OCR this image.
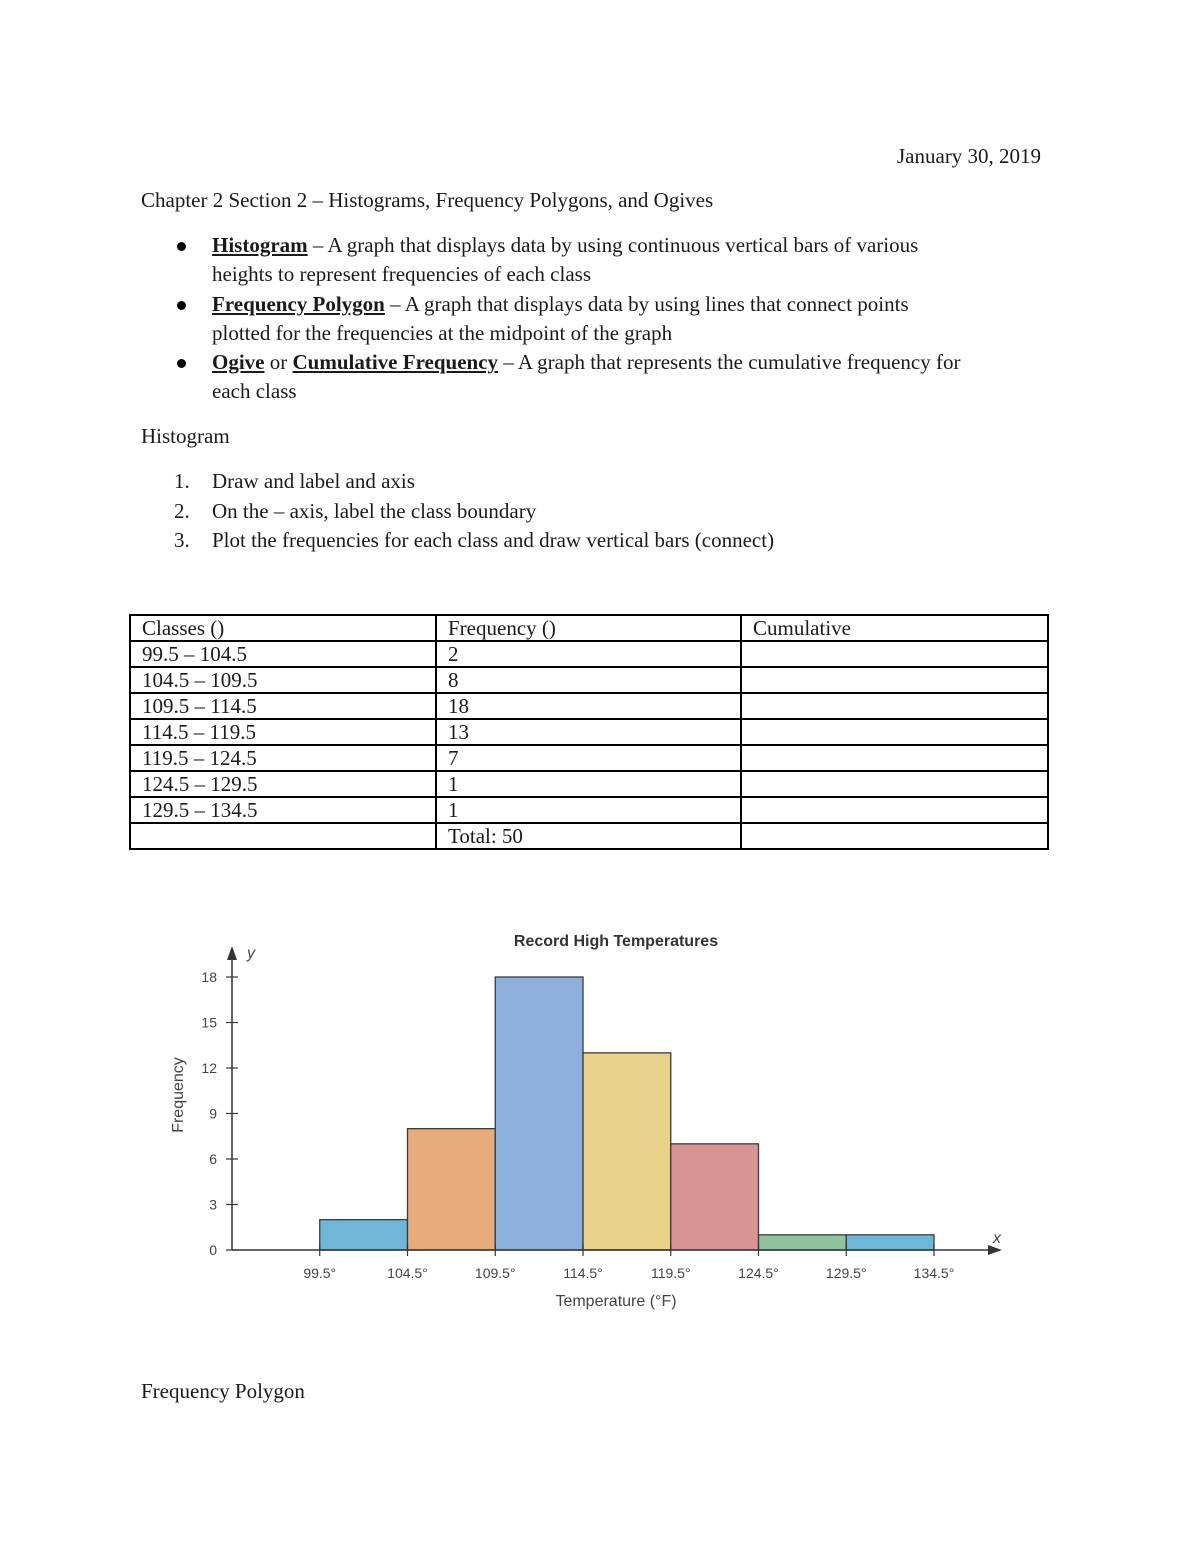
January 30, 2019
Chapter 2 Section 2 – Histograms, Frequency Polygons, and Ogives
Histogram – A graph that displays data by using continuous vertical bars of various
heights to represent frequencies of each class
Frequency Polygon – A graph that displays data by using lines that connect points
plotted for the frequencies at the midpoint of the graph
Ogive or Cumulative Frequency – A graph that represents the cumulative frequency for
each class
Histogram
1. Draw and label and axis
2. On the – axis, label the class boundary
3. Plot the frequencies for each class and draw vertical bars (connect)
Classes ()	Frequency ()	Cumulative
99.5 – 104.5	2	
104.5 – 109.5	8	
109.5 – 114.5	18	
114.5 – 119.5	13	
119.5 – 124.5	7	
124.5 – 129.5	1	
129.5 – 134.5	1	
	Total: 50	
Record High Temperatures
0
3
6
9
12
15
18
99.5°	104.5°	109.5°	114.5°	119.5°	124.5°	129.5°	134.5°
Temperature (°F)
Frequency
y
x
Frequency Polygon
